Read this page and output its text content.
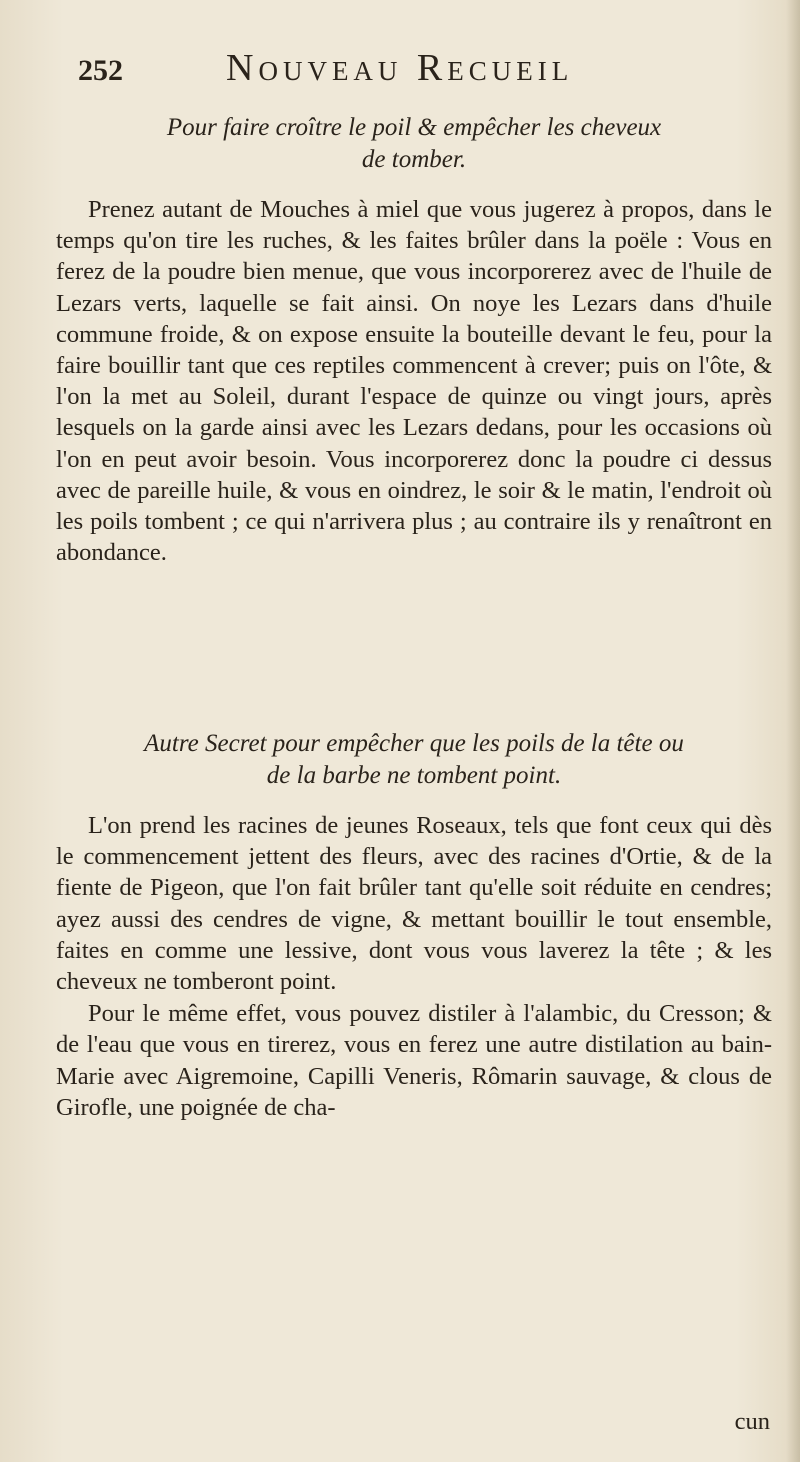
252	Nouveau Recueil

Pour faire croître le poil & empêcher les cheveux
de tomber.

Prenez autant de Mouches à miel que vous jugerez à propos, dans le temps qu'on tire les ruches, & les faites brûler dans la poële : Vous en ferez de la poudre bien menue, que vous incorporerez avec de l'huile de Lezars verts, laquelle se fait ainsi. On noye les Lezars dans d'huile commune froide, & on expose ensuite la bouteille devant le feu, pour la faire bouillir tant que ces reptiles commencent à crever; puis on l'ôte, & l'on la met au Soleil, durant l'espace de quinze ou vingt jours, après lesquels on la garde ainsi avec les Lezars dedans, pour les occasions où l'on en peut avoir besoin. Vous incorporerez donc la poudre ci dessus avec de pareille huile, & vous en oindrez, le soir & le matin, l'endroit où les poils tombent ; ce qui n'arrivera plus ; au contraire ils y renaîtront en abondance.

Autre Secret pour empêcher que les poils de la tête ou
de la barbe ne tombent point.

L'on prend les racines de jeunes Roseaux, tels que font ceux qui dès le commencement jettent des fleurs, avec des racines d'Ortie, & de la fiente de Pigeon, que l'on fait brûler tant qu'elle soit réduite en cendres; ayez aussi des cendres de vigne, & mettant bouillir le tout ensemble, faites en comme une lessive, dont vous vous laverez la tête ; & les cheveux ne tomberont point.

Pour le même effet, vous pouvez distiler à l'alambic, du Cresson; & de l'eau que vous en tirerez, vous en ferez une autre distilation au bain-Marie avec Aigremoine, Capilli Veneris, Rômarin sauvage, & clous de Girofle, une poignée de cha-

cun
